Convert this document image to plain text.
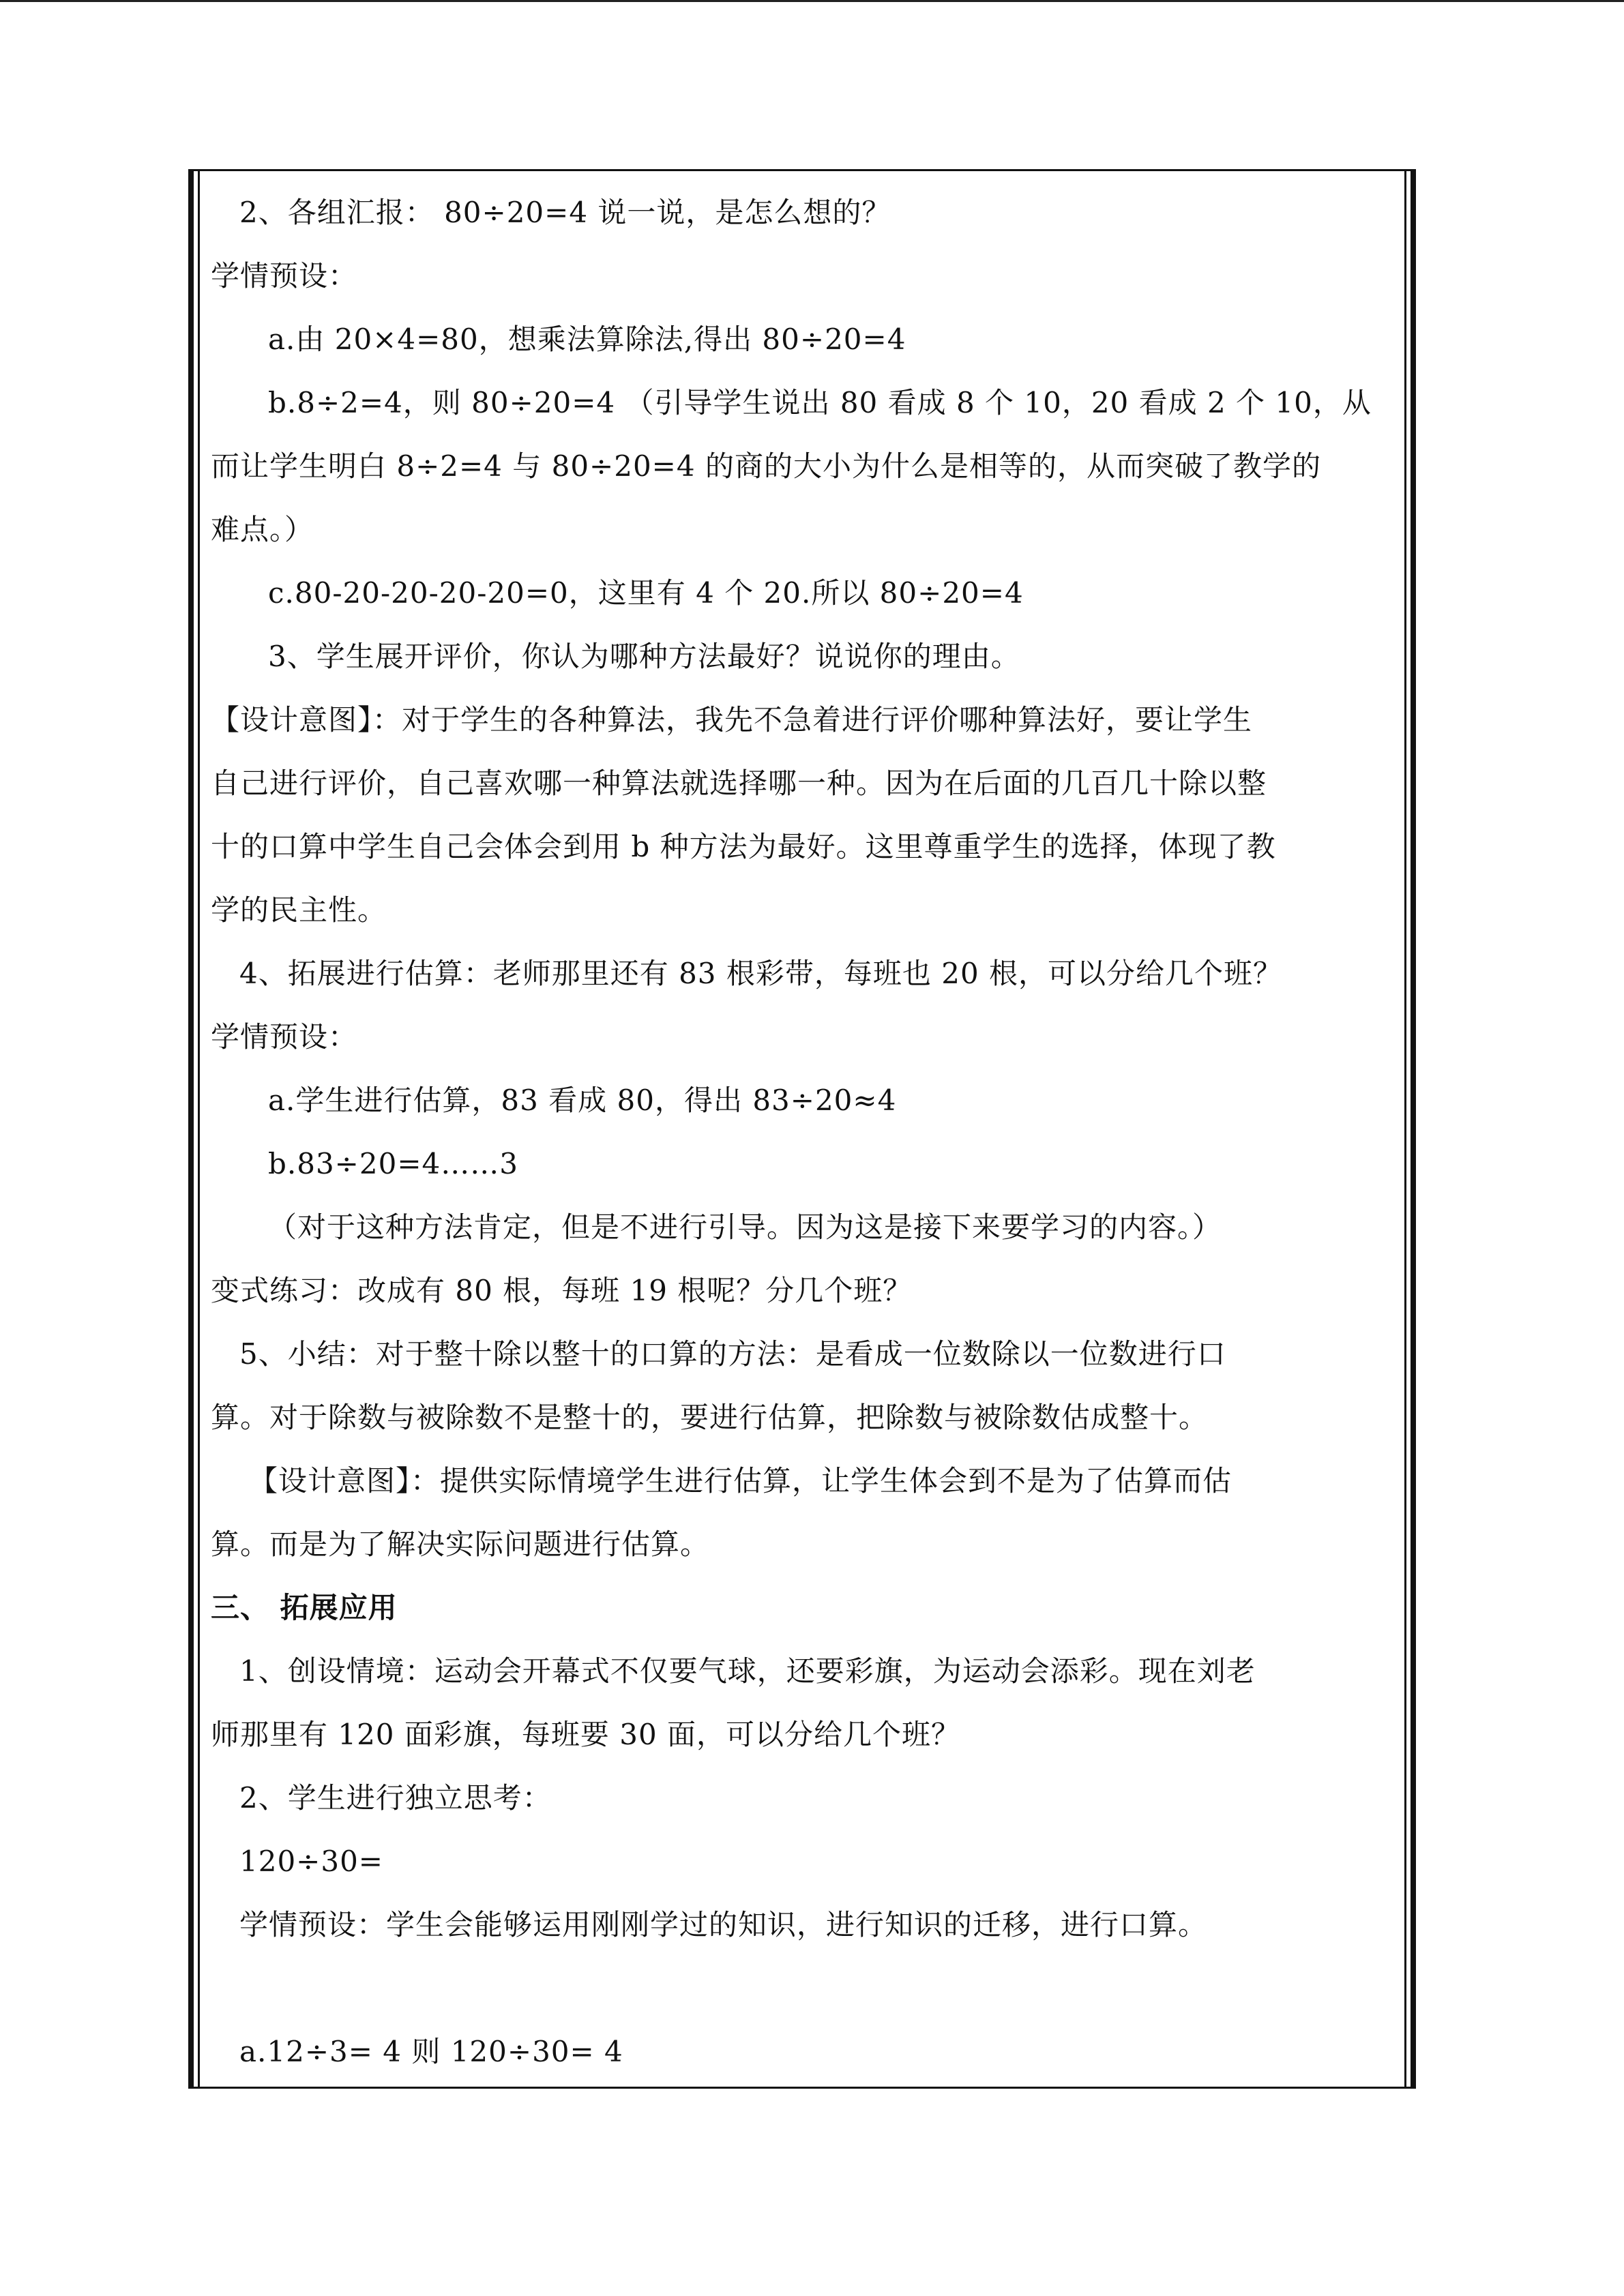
2、各组汇报： 80÷20=4 说一说，是怎么想的？
学情预设：
a.由 20×4=80，想乘法算除法,得出 80÷20=4
b.8÷2=4，则 80÷20=4 （引导学生说出 80 看成 8 个 10，20 看成 2 个 10，从
而让学生明白 8÷2=4 与 80÷20=4 的商的大小为什么是相等的，从而突破了教学的
难点。）
c.80-20-20-20-20=0，这里有 4 个 20.所以 80÷20=4
3、学生展开评价，你认为哪种方法最好？说说你的理由。
【设计意图】：对于学生的各种算法，我先不急着进行评价哪种算法好，要让学生
自己进行评价，自己喜欢哪一种算法就选择哪一种。因为在后面的几百几十除以整
十的口算中学生自己会体会到用 b 种方法为最好。这里尊重学生的选择，体现了教
学的民主性。
4、拓展进行估算：老师那里还有 83 根彩带，每班也 20 根，可以分给几个班？
学情预设：
a.学生进行估算，83 看成 80，得出 83÷20≈4
b.83÷20=4……3
（对于这种方法肯定，但是不进行引导。因为这是接下来要学习的内容。）
变式练习：改成有 80 根，每班 19 根呢？分几个班？
5、小结：对于整十除以整十的口算的方法：是看成一位数除以一位数进行口
算。对于除数与被除数不是整十的，要进行估算，把除数与被除数估成整十。
【设计意图】：提供实际情境学生进行估算，让学生体会到不是为了估算而估
算。而是为了解决实际问题进行估算。
三、 拓展应用
1、创设情境：运动会开幕式不仅要气球，还要彩旗，为运动会添彩。现在刘老
师那里有 120 面彩旗，每班要 30 面，可以分给几个班？
2、学生进行独立思考：
120÷30=
学情预设：学生会能够运用刚刚学过的知识，进行知识的迁移，进行口算。
a.12÷3= 4 则 120÷30= 4
